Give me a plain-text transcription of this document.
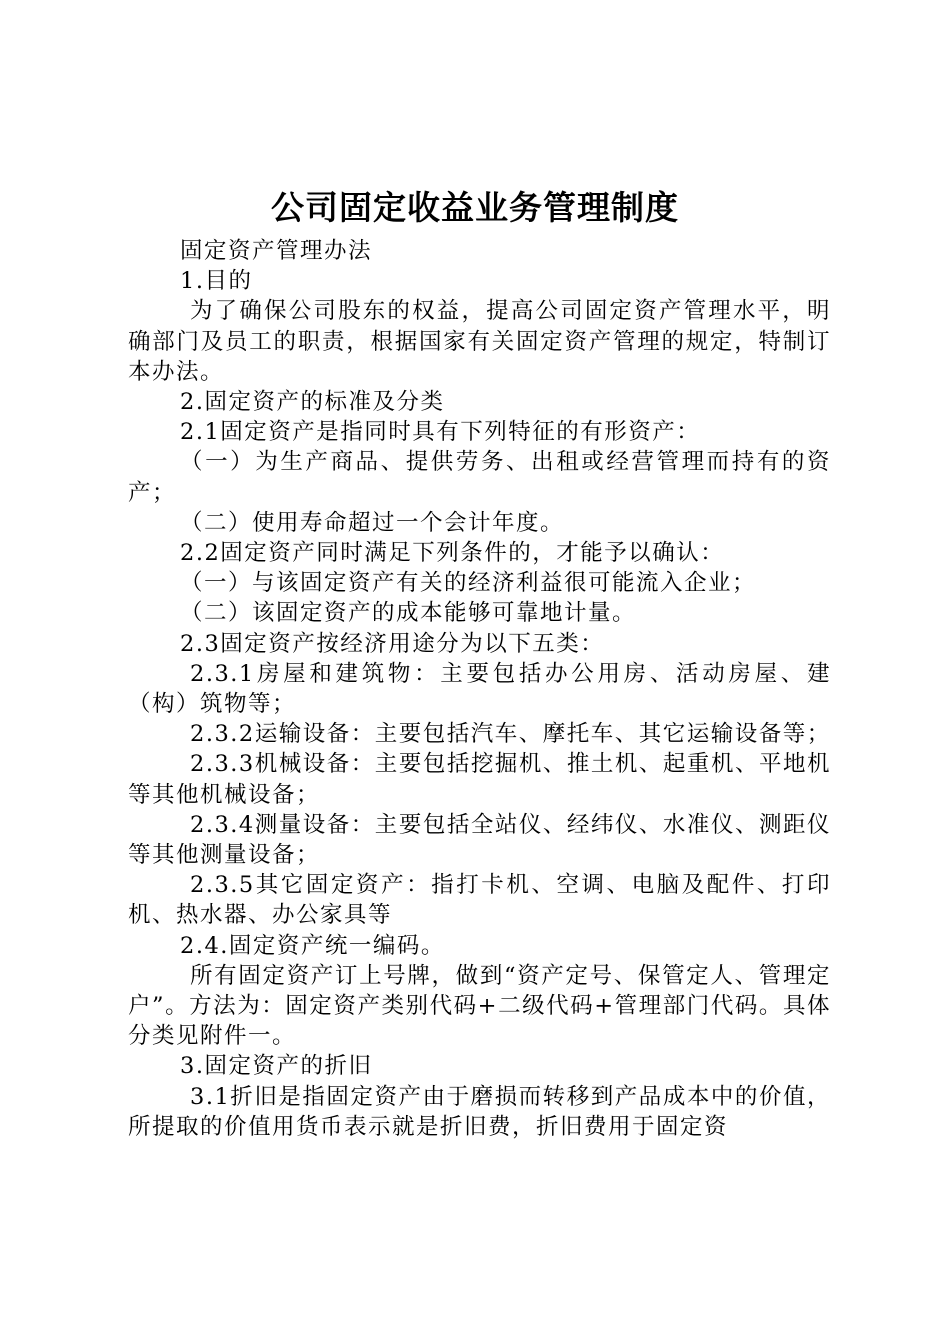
公司固定收益业务管理制度

固定资产管理办法

1.目的

为了确保公司股东的权益，提高公司固定资产管理水平，明确部门及员工的职责，根据国家有关固定资产管理的规定，特制订本办法。

2.固定资产的标准及分类

2.1固定资产是指同时具有下列特征的有形资产：

（一）为生产商品、提供劳务、出租或经营管理而持有的资产；

（二）使用寿命超过一个会计年度。

2.2固定资产同时满足下列条件的，才能予以确认：

（一）与该固定资产有关的经济利益很可能流入企业；

（二）该固定资产的成本能够可靠地计量。

2.3固定资产按经济用途分为以下五类：

2.3.1房屋和建筑物：主要包括办公用房、活动房屋、建（构）筑物等；

2.3.2运输设备：主要包括汽车、摩托车、其它运输设备等；

2.3.3机械设备：主要包括挖掘机、推土机、起重机、平地机等其他机械设备；

2.3.4测量设备：主要包括全站仪、经纬仪、水准仪、测距仪等其他测量设备；

2.3.5其它固定资产：指打卡机、空调、电脑及配件、打印机、热水器、办公家具等

2.4.固定资产统一编码。

所有固定资产订上号牌，做到“资产定号、保管定人、管理定户”。方法为：固定资产类别代码+二级代码+管理部门代码。具体分类见附件一。

3.固定资产的折旧

3.1折旧是指固定资产由于磨损而转移到产品成本中的价值，所提取的价值用货币表示就是折旧费，折旧费用于固定资
